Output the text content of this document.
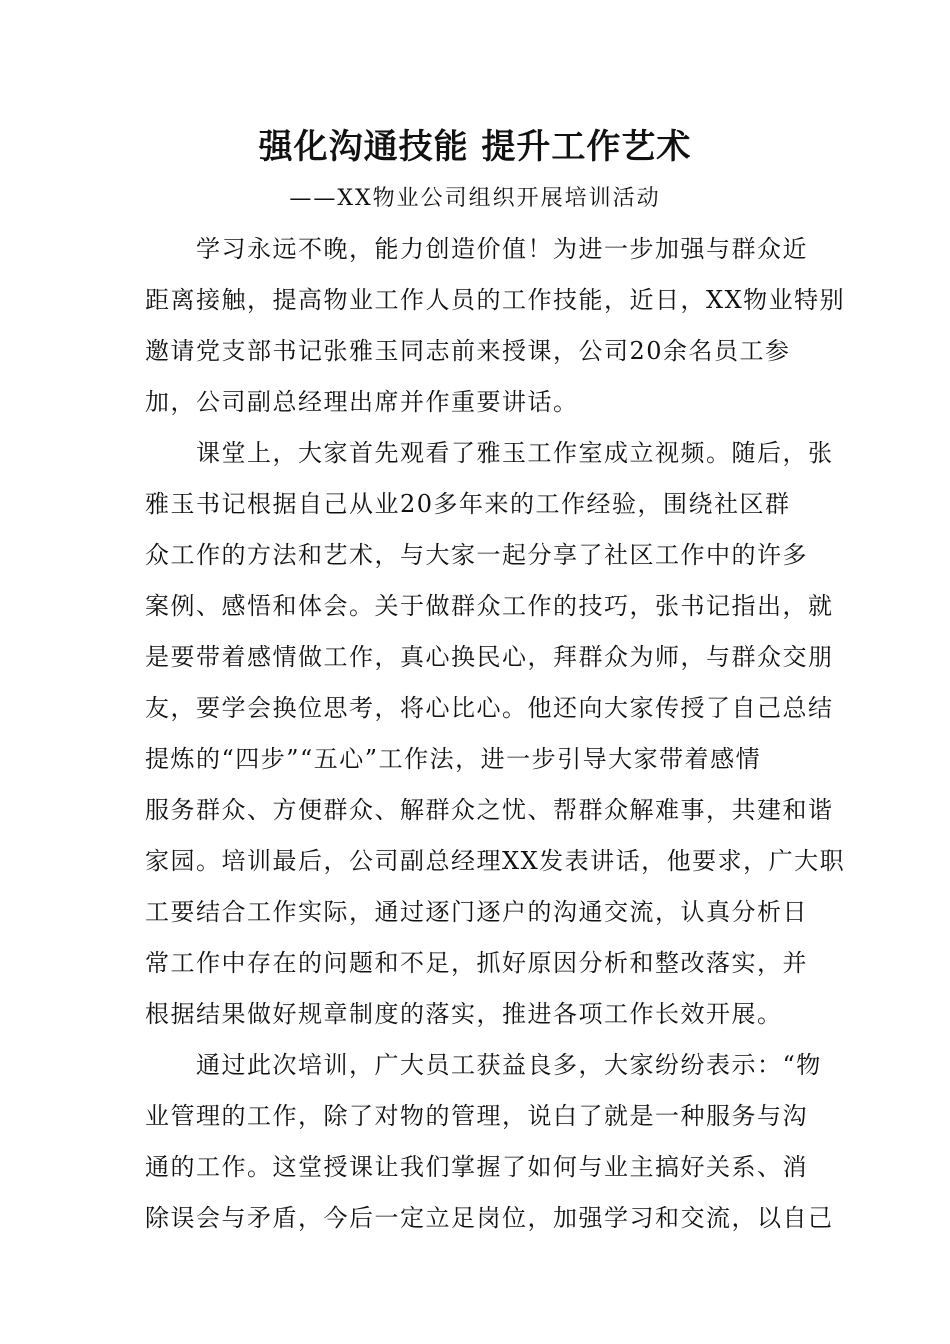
强化沟通技能 提升工作艺术
——XX物业公司组织开展培训活动
　　学习永远不晚，能力创造价值！为进一步加强与群众近
距离接触，提高物业工作人员的工作技能，近日，XX物业特别
邀请党支部书记张雅玉同志前来授课，公司20余名员工参
加，公司副总经理出席并作重要讲话。
　　课堂上，大家首先观看了雅玉工作室成立视频。随后，张
雅玉书记根据自己从业20多年来的工作经验，围绕社区群
众工作的方法和艺术，与大家一起分享了社区工作中的许多
案例、感悟和体会。关于做群众工作的技巧，张书记指出，就
是要带着感情做工作，真心换民心，拜群众为师，与群众交朋
友，要学会换位思考，将心比心。他还向大家传授了自己总结
提炼的“四步”“五心”工作法，进一步引导大家带着感情
服务群众、方便群众、解群众之忧、帮群众解难事，共建和谐
家园。培训最后，公司副总经理XX发表讲话，他要求，广大职
工要结合工作实际，通过逐门逐户的沟通交流，认真分析日
常工作中存在的问题和不足，抓好原因分析和整改落实，并
根据结果做好规章制度的落实，推进各项工作长效开展。
　　通过此次培训，广大员工获益良多，大家纷纷表示：“物
业管理的工作，除了对物的管理，说白了就是一种服务与沟
通的工作。这堂授课让我们掌握了如何与业主搞好关系、消
除误会与矛盾，今后一定立足岗位，加强学习和交流，以自己
